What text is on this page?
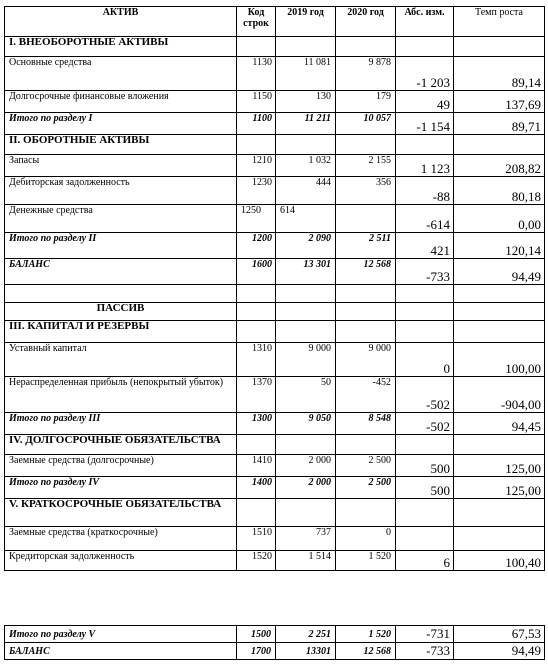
АКТИВ	Код строк	2019 год	2020 год	Абс. изм.	Темп роста
I. ВНЕОБОРОТНЫЕ АКТИВЫ					
Основные средства	1130	11 081	9 878	-1 203	89,14
Долгосрочные финансовые вложения	1150	130	179	49	137,69
Итого по разделу I	1100	11 211	10 057	-1 154	89,71
II. ОБОРОТНЫЕ АКТИВЫ					
Запасы	1210	1 032	2 155	1 123	208,82
Дебиторская задолженность	1230	444	356	-88	80,18
Денежные средства	1250	614		-614	0,00
Итого по разделу II	1200	2 090	2 511	421	120,14
БАЛАНС	1600	13 301	12 568	-733	94,49

ПАССИВ					
III. КАПИТАЛ И РЕЗЕРВЫ					
Уставный капитал	1310	9 000	9 000	0	100,00
Нераспределенная прибыль (непокрытый убыток)	1370	50	-452	-502	-904,00
Итого по разделу III	1300	9 050	8 548	-502	94,45
IV. ДОЛГОСРОЧНЫЕ ОБЯЗАТЕЛЬСТВА					
Заемные средства (долгосрочные)	1410	2 000	2 500	500	125,00
Итого по разделу IV	1400	2 000	2 500	500	125,00
V. КРАТКОСРОЧНЫЕ ОБЯЗАТЕЛЬСТВА					
Заемные средства (краткосрочные)	1510	737	0		
Кредиторская задолженность	1520	1 514	1 520	6	100,40
Итого по разделу V	1500	2 251	1 520	-731	67,53
БАЛАНС	1700	13301	12 568	-733	94,49
